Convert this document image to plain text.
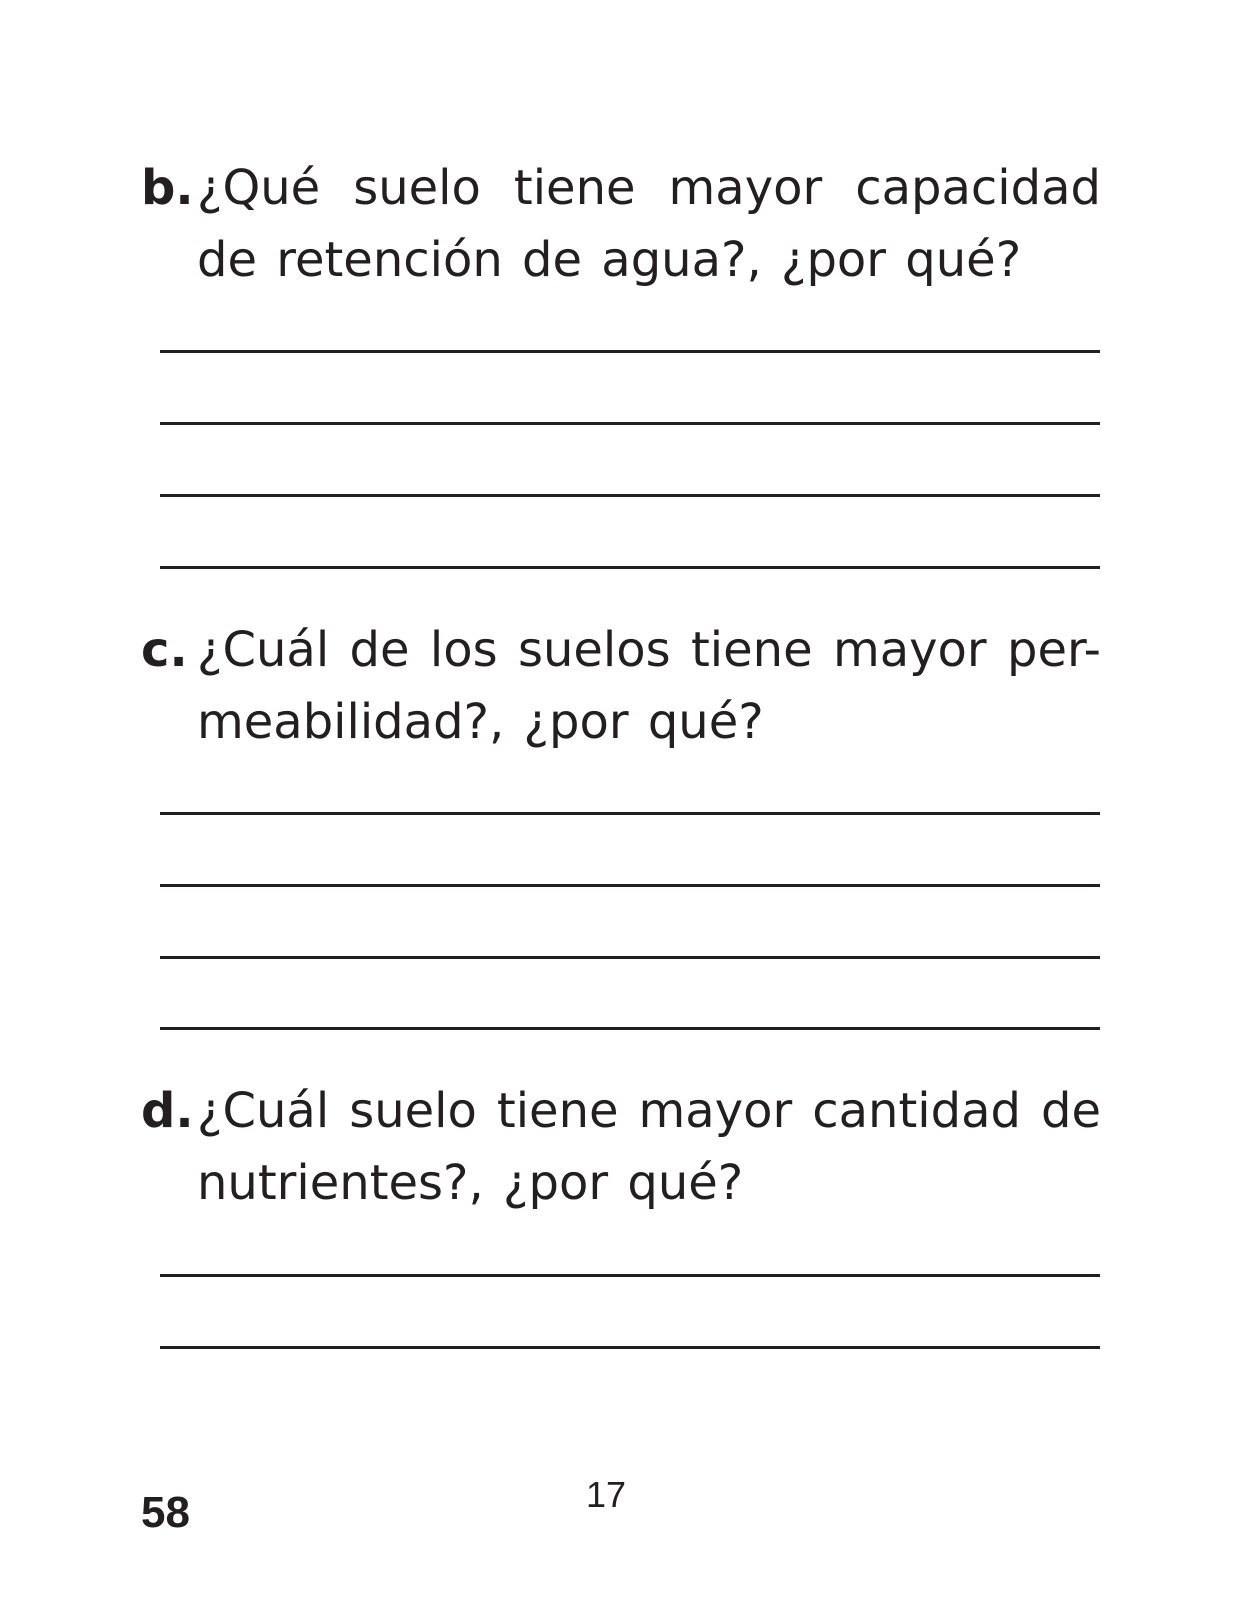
b. ¿Qué suelo tiene mayor capacidad de retención de agua?, ¿por qué?
c. ¿Cuál de los suelos tiene mayor per-meabilidad?, ¿por qué?
d. ¿Cuál suelo tiene mayor cantidad de nutrientes?, ¿por qué?
58	17
